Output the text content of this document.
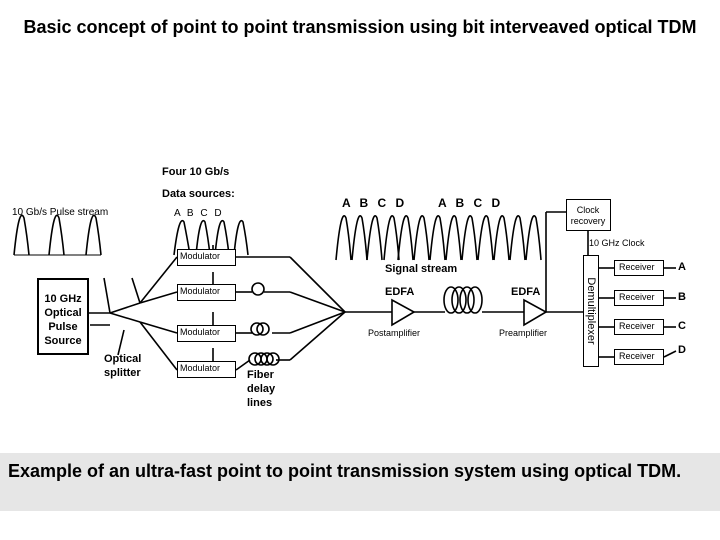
Basic concept of point to point transmission using bit interveaved optical TDM
Four 10 Gb/s
Data sources:
A B C D
10 Gb/s Pulse stream
10 GHz
Optical
Pulse
Source
Optical
splitter
Modulator
Modulator
Modulator
Modulator
Fiber
delay
lines
A B C D	A B C D
Signal stream
EDFA	EDFA
Postamplifier	Preamplifier
Clock
recovery
10 GHz Clock
Demultiplexer
Receiver
Receiver
Receiver
Receiver
A
B
C
D
Example of an ultra-fast point to point transmission system using optical TDM.
